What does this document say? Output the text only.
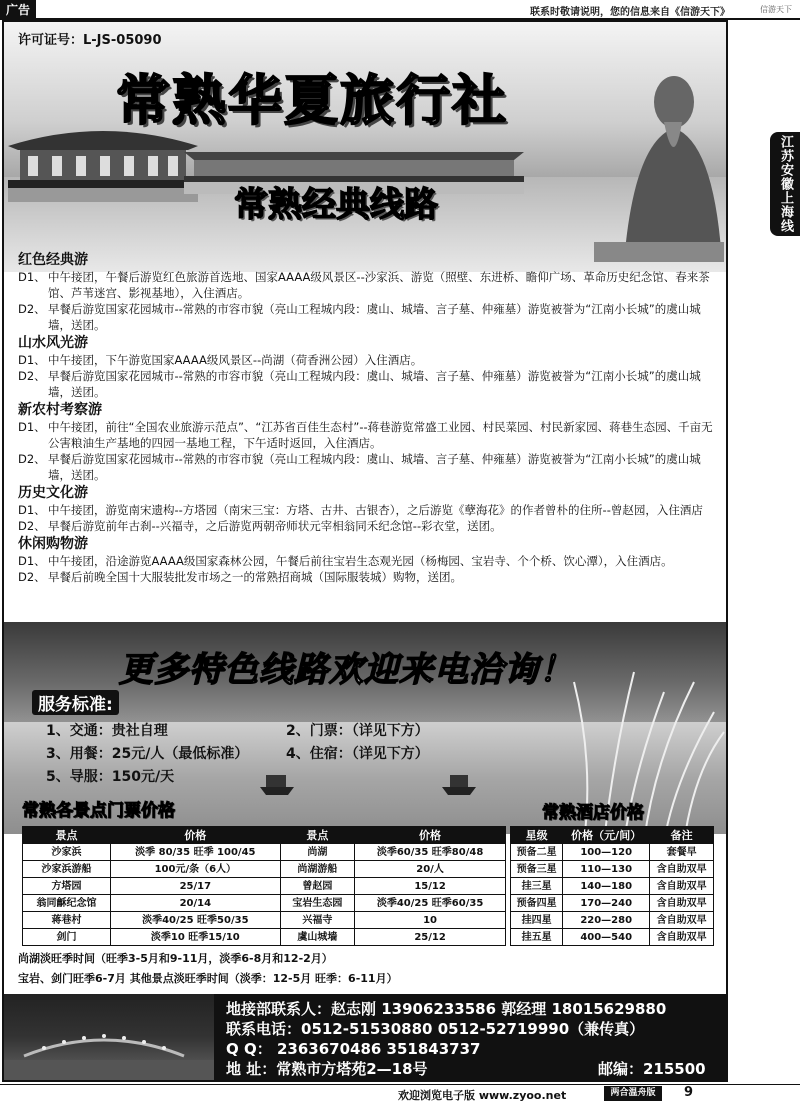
广告	联系时敬请说明，您的信息来自《信游天下》	信游天下
江苏安徽上海线
许可证号：L-JS-05090
常熟华夏旅行社
常熟经典线路
红色经典游
D1、 中午接团，午餐后游览红色旅游首选地、国家AAAA级风景区--沙家浜、游览（照壁、东进桥、瞻仰广场、革命历史纪念馆、春来茶馆、芦苇迷宫、影视基地），入住酒店。
D2、 早餐后游览国家花园城市--常熟的市容市貌（亮山工程城内段：虞山、城墙、言子墓、仲雍墓）游览被誉为“江南小长城”的虞山城墙，送团。
山水风光游
D1、 中午接团，下午游览国家AAAA级风景区--尚湖（荷香洲公园）入住酒店。
D2、 早餐后游览国家花园城市--常熟的市容市貌（亮山工程城内段：虞山、城墙、言子墓、仲雍墓）游览被誉为“江南小长城”的虞山城墙，送团。
新农村考察游
D1、 中午接团，前往“全国农业旅游示范点”、“江苏省百佳生态村”--蒋巷游览常盛工业园、村民菜园、村民新家园、蒋巷生态园、千亩无公害粮油生产基地的四园一基地工程，下午适时返回，入住酒店。
D2、 早餐后游览国家花园城市--常熟的市容市貌（亮山工程城内段：虞山、城墙、言子墓、仲雍墓）游览被誉为“江南小长城”的虞山城墙，送团。
历史文化游
D1、 中午接团，游览南宋遗构--方塔园（南宋三宝：方塔、古井、古银杏），之后游览《孽海花》的作者曾朴的住所--曾赵园，入住酒店
D2、 早餐后游览前年古刹--兴福寺，之后游览两朝帝师状元宰相翁同禾纪念馆--彩衣堂，送团。
休闲购物游
D1、 中午接团，沿途游览AAAA级国家森林公园，午餐后前往宝岩生态观光园（杨梅园、宝岩寺、个个桥、饮心潭），入住酒店。
D2、 早餐后前晚全国十大服装批发市场之一的常熟招商城（国际服装城）购物，送团。
更多特色线路欢迎来电洽询！
服务标准:
1、交通：贵社自理	2、门票：（详见下方）
3、用餐：25元/人（最低标准）	4、住宿：（详见下方）
5、导服：150元/天
常熟各景点门票价格	常熟酒店价格
景点	价格	景点	价格
沙家浜	淡季 80/35 旺季 100/45	尚湖	淡季60/35 旺季80/48
沙家浜游船	100元/条（6人）	尚湖游船	20/人
方塔园	25/17	曾赵园	15/12
翁同龢纪念馆	20/14	宝岩生态园	淡季40/25 旺季60/35
蒋巷村	淡季40/25 旺季50/35	兴福寺	10
剑门	淡季10 旺季15/10	虞山城墙	25/12
星级	价格（元/间）	备注
预备二星	100—120	套餐早
预备三星	110—130	含自助双早
挂三星	140—180	含自助双早
预备四星	170—240	含自助双早
挂四星	220—280	含自助双早
挂五星	400—540	含自助双早
尚湖淡旺季时间（旺季3-5月和9-11月，淡季6-8月和12-2月）
宝岩、剑门旺季6-7月 其他景点淡旺季时间（淡季：12-5月 旺季：6-11月）
地接部联系人：赵志刚 13906233586 郭经理 18015629880
联系电话：0512-51530880 0512-52719990（兼传真）
Q Q： 2363670486 351843737
地 址：常熟市方塔苑2—18号	邮编：215500
欢迎浏览电子版 www.zyoo.net	两合温舟版	9
